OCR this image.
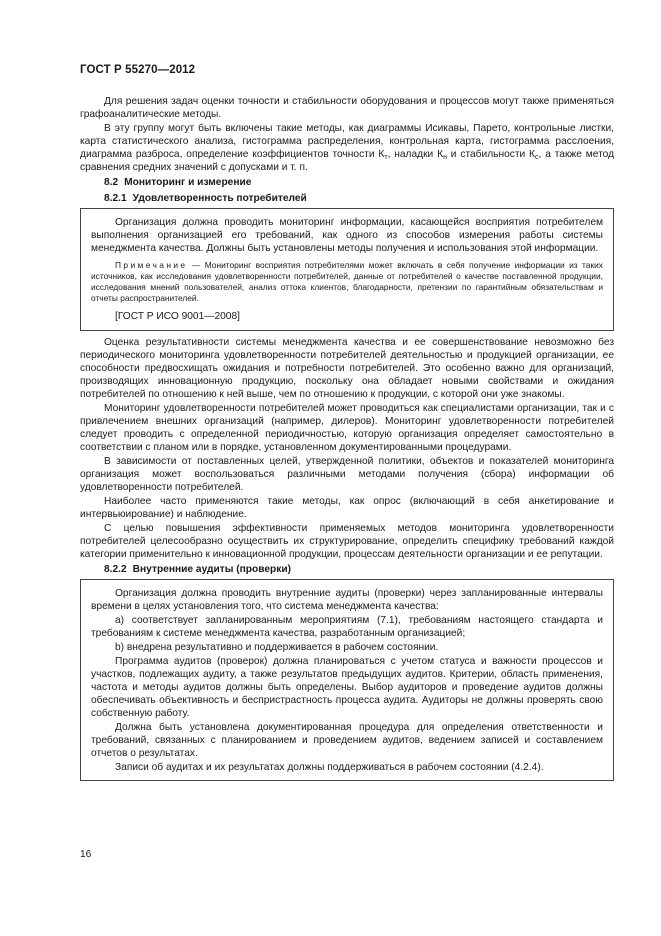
ГОСТ Р 55270—2012

Для решения задач оценки точности и стабильности оборудования и процессов могут также применяться графоаналитические методы.

В эту группу могут быть включены такие методы, как диаграммы Исикавы, Парето, контрольные листки, карта статистического анализа, гистограмма распределения, контрольная карта, гистограмма расслоения, диаграмма разброса, определение коэффициентов точности $К_т$, наладки $К_н$ и стабильности $К_с$, а также метод сравнения средних значений с допусками и т. п.

8.2 Мониторинг и измерение
8.2.1 Удовлетворенность потребителей

Организация должна проводить мониторинг информации, касающейся восприятия потребителем выполнения организацией его требований, как одного из способов измерения работы системы менеджмента качества. Должны быть установлены методы получения и использования этой информации.

Примечание — Мониторинг восприятия потребителями может включать в себя получение информации из таких источников, как исследования удовлетворенности потребителей, данные от потребителей о качестве поставленной продукции, исследования мнений пользователей, анализ оттока клиентов, благодарности, претензии по гарантийным обязательствам и отчеты распространителей.

[ГОСТ Р ИСО 9001—2008]

Оценка результативности системы менеджмента качества и ее совершенствование невозможно без периодического мониторинга удовлетворенности потребителей деятельностью и продукцией организации, ее способности предвосхищать ожидания и потребности потребителей. Это особенно важно для организаций, производящих инновационную продукцию, поскольку она обладает новыми свойствами и ожидания потребителей по отношению к ней выше, чем по отношению к продукции, с которой они уже знакомы.

Мониторинг удовлетворенности потребителей может проводиться как специалистами организации, так и с привлечением внешних организаций (например, дилеров). Мониторинг удовлетворенности потребителей следует проводить с определенной периодичностью, которую организация определяет самостоятельно в соответствии с планом или в порядке, установленном документированными процедурами.

В зависимости от поставленных целей, утвержденной политики, объектов и показателей мониторинга организация может воспользоваться различными методами получения (сбора) информации об удовлетворенности потребителей.

Наиболее часто применяются такие методы, как опрос (включающий в себя анкетирование и интервьюирование) и наблюдение.

С целью повышения эффективности применяемых методов мониторинга удовлетворенности потребителей целесообразно осуществить их структурирование, определить специфику требований каждой категории применительно к инновационной продукции, процессам деятельности организации и ее репутации.

8.2.2 Внутренние аудиты (проверки)

Организация должна проводить внутренние аудиты (проверки) через запланированные интервалы времени в целях установления того, что система менеджмента качества:

a) соответствует запланированным мероприятиям (7.1), требованиям настоящего стандарта и требованиям к системе менеджмента качества, разработанным организацией;

b) внедрена результативно и поддерживается в рабочем состоянии.

Программа аудитов (проверок) должна планироваться с учетом статуса и важности процессов и участков, подлежащих аудиту, а также результатов предыдущих аудитов. Критерии, область применения, частота и методы аудитов должны быть определены. Выбор аудиторов и проведение аудитов должны обеспечивать объективность и беспристрастность процесса аудита. Аудиторы не должны проверять свою собственную работу.

Должна быть установлена документированная процедура для определения ответственности и требований, связанных с планированием и проведением аудитов, ведением записей и составлением отчетов о результатах.

Записи об аудитах и их результатах должны поддерживаться в рабочем состоянии (4.2.4).

16
